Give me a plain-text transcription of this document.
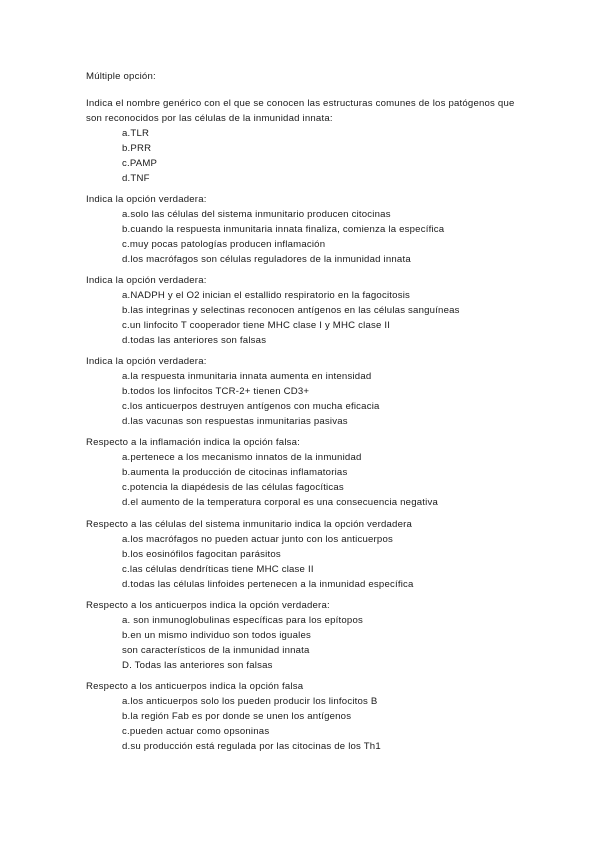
Múltiple opción:
Indica el nombre genérico con el que se conocen las estructuras comunes de los patógenos que son reconocidos por las células de la inmunidad innata:
a.TLR
b.PRR
c.PAMP
d.TNF
Indica la opción verdadera:
a.solo las células del sistema inmunitario producen citocinas
b.cuando la respuesta inmunitaria innata finaliza, comienza la específica
c.muy pocas patologías producen inflamación
d.los macrófagos son células reguladores de la inmunidad innata
Indica la opción verdadera:
a.NADPH y el O2 inician el estallido respiratorio en la fagocitosis
b.las integrinas y selectinas reconocen antígenos en las células sanguíneas
c.un linfocito T cooperador tiene MHC clase I y MHC clase II
d.todas las anteriores son falsas
Indica la opción verdadera:
a.la respuesta inmunitaria innata aumenta en intensidad
b.todos los linfocitos TCR-2+ tienen CD3+
c.los anticuerpos destruyen antígenos con mucha eficacia
d.las vacunas son respuestas inmunitarias pasivas
Respecto a la inflamación indica la opción falsa:
a.pertenece a los mecanismo innatos de la inmunidad
b.aumenta la producción de citocinas inflamatorias
c.potencia la diapédesis de las células fagocíticas
d.el aumento de la temperatura corporal es una consecuencia negativa
Respecto a las células del sistema inmunitario indica la opción verdadera
a.los macrófagos no pueden actuar junto con los anticuerpos
b.los eosinófilos fagocitan parásitos
c.las células dendríticas tiene MHC clase II
d.todas las células linfoides pertenecen a la inmunidad específica
Respecto a los anticuerpos indica la opción verdadera:
a. son inmunoglobulinas específicas para los epítopos
b.en un mismo individuo son todos iguales
son característicos de la inmunidad innata
D. Todas las anteriores son falsas
Respecto a los anticuerpos indica la opción falsa
a.los anticuerpos solo los pueden producir los linfocitos B
b.la región Fab es por donde se unen los antígenos
c.pueden actuar como opsoninas
d.su producción está regulada por las citocinas de los Th1
